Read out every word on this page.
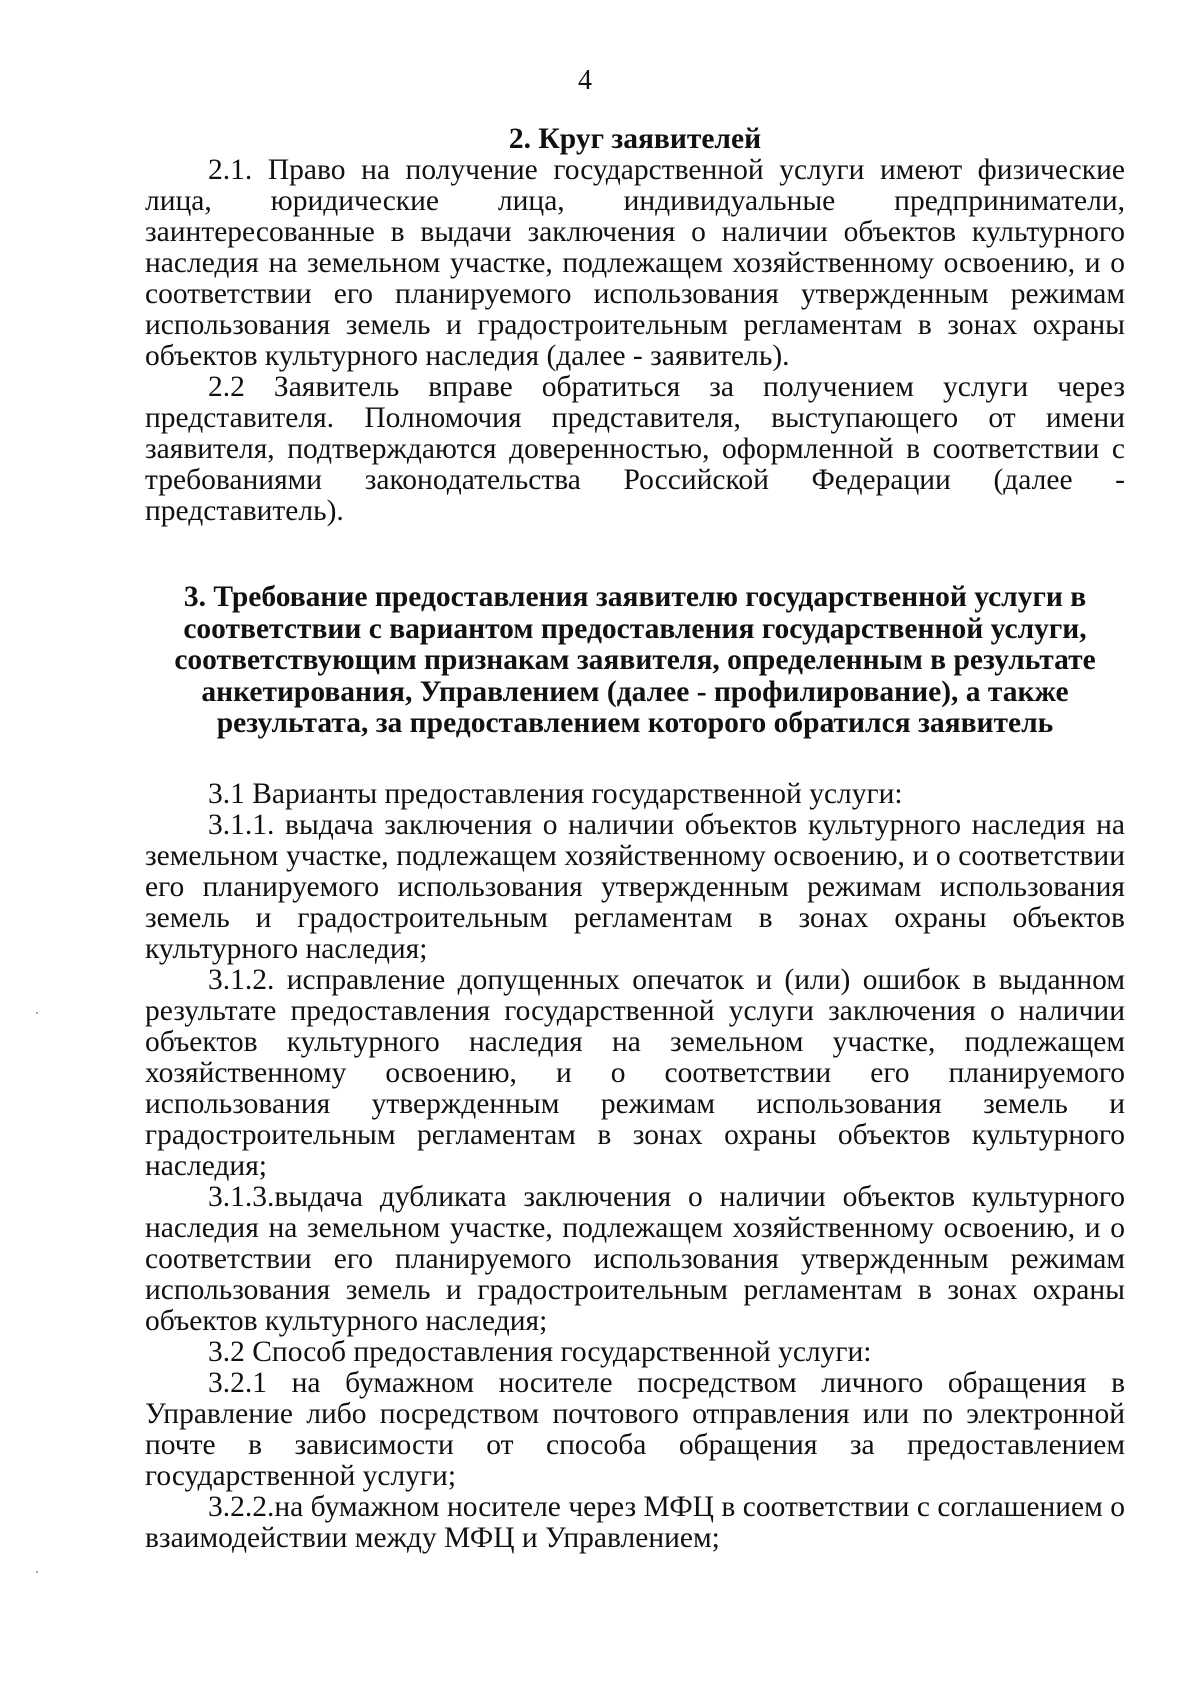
4

2. Круг заявителей

2.1. Право на получение государственной услуги имеют физические лица, юридические лица, индивидуальные предприниматели, заинтересованные в выдачи заключения о наличии объектов культурного наследия на земельном участке, подлежащем хозяйственному освоению, и о соответствии его планируемого использования утвержденным режимам использования земель и градостроительным регламентам в зонах охраны объектов культурного наследия (далее - заявитель).

2.2 Заявитель вправе обратиться за получением услуги через представителя. Полномочия представителя, выступающего от имени заявителя, подтверждаются доверенностью, оформленной в соответствии с требованиями законодательства Российской Федерации (далее - представитель).

3. Требование предоставления заявителю государственной услуги в
соответствии с вариантом предоставления государственной услуги,
соответствующим признакам заявителя, определенным в результате
анкетирования, Управлением (далее - профилирование), а также
результата, за предоставлением которого обратился заявитель

3.1 Варианты предоставления государственной услуги:

3.1.1. выдача заключения о наличии объектов культурного наследия на земельном участке, подлежащем хозяйственному освоению, и о соответствии его планируемого использования утвержденным режимам использования земель и градостроительным регламентам в зонах охраны объектов культурного наследия;

3.1.2. исправление допущенных опечаток и (или) ошибок в выданном результате предоставления государственной услуги заключения о наличии объектов культурного наследия на земельном участке, подлежащем хозяйственному освоению, и о соответствии его планируемого использования утвержденным режимам использования земель и градостроительным регламентам в зонах охраны объектов культурного наследия;

3.1.3.выдача дубликата заключения о наличии объектов культурного наследия на земельном участке, подлежащем хозяйственному освоению, и о соответствии его планируемого использования утвержденным режимам использования земель и градостроительным регламентам в зонах охраны объектов культурного наследия;

3.2 Способ предоставления государственной услуги:

3.2.1 на бумажном носителе посредством личного обращения в Управление либо посредством почтового отправления или по электронной почте в зависимости от способа обращения за предоставлением государственной услуги;

3.2.2.на бумажном носителе через МФЦ в соответствии с соглашением о взаимодействии между МФЦ и Управлением;
